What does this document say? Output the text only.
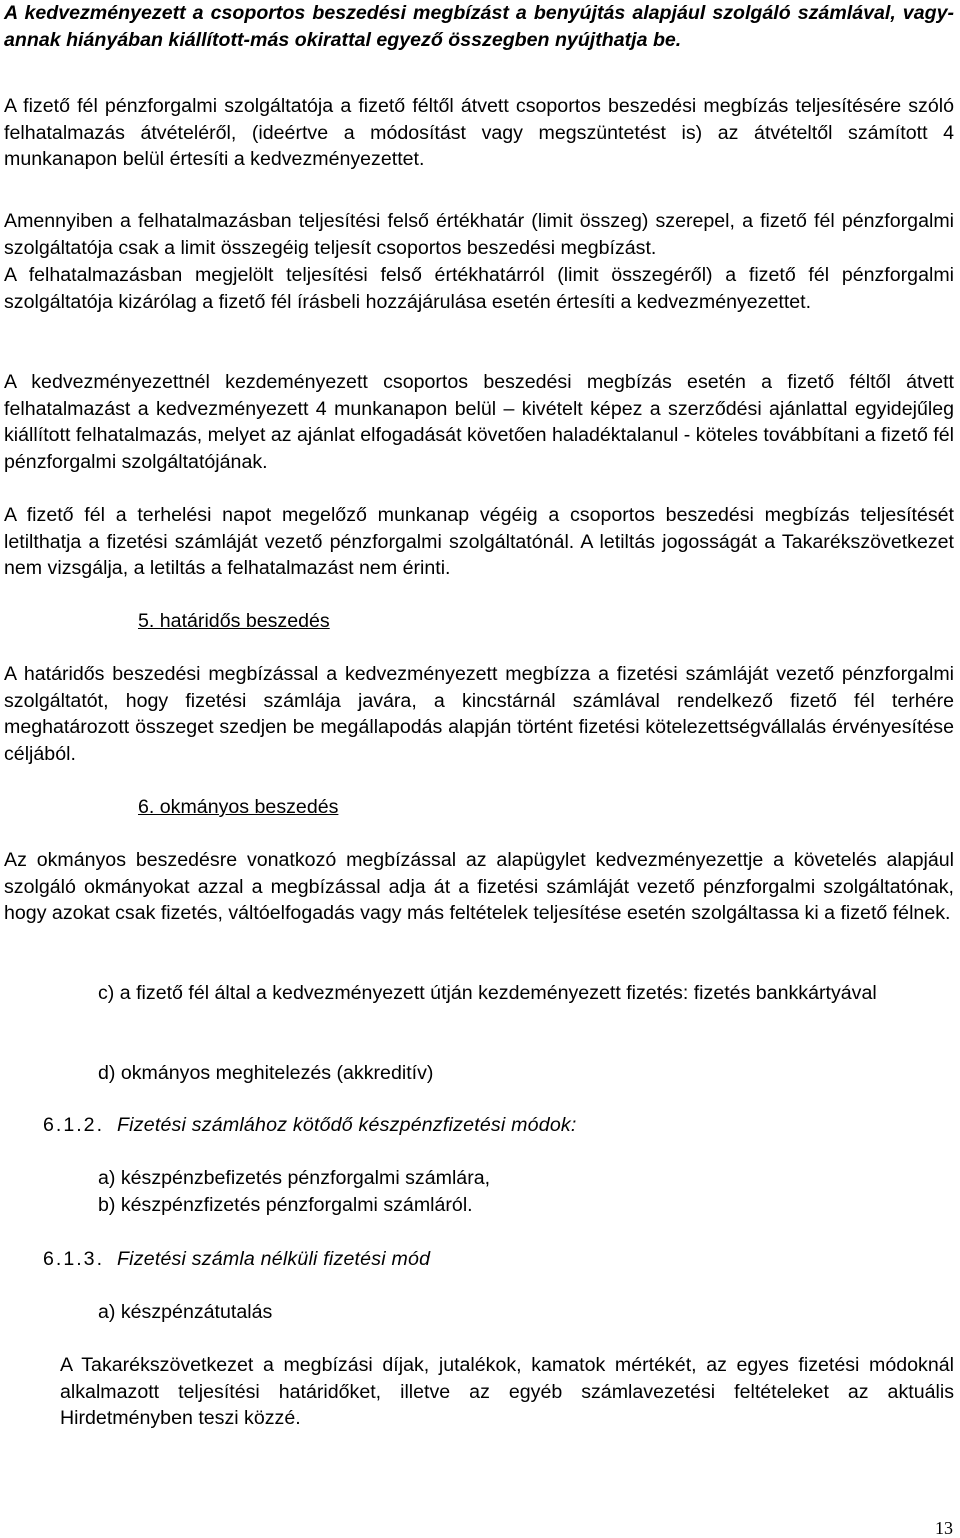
A kedvezményezett a csoportos beszedési megbízást a benyújtás alapjául szolgáló számlával, vagy-annak hiányában kiállított-más okirattal egyező összegben nyújthatja be.

A fizető fél pénzforgalmi szolgáltatója a fizető féltől átvett csoportos beszedési megbízás teljesítésére szóló felhatalmazás átvételéről, (ideértve a módosítást vagy megszüntetést is) az átvételtől számított 4 munkanapon belül értesíti a kedvezményezettet.

Amennyiben a felhatalmazásban teljesítési felső értékhatár (limit összeg) szerepel, a fizető fél pénzforgalmi szolgáltatója csak a limit összegéig teljesít csoportos beszedési megbízást.

A felhatalmazásban megjelölt teljesítési felső értékhatárról (limit összegéről) a fizető fél pénzforgalmi szolgáltatója kizárólag a fizető fél írásbeli hozzájárulása esetén értesíti a kedvezményezettet.

A kedvezményezettnél kezdeményezett csoportos beszedési megbízás esetén a fizető féltől átvett felhatalmazást a kedvezményezett 4 munkanapon belül – kivételt képez a szerződési ajánlattal egyidejűleg kiállított felhatalmazás, melyet az ajánlat elfogadását követően haladéktalanul - köteles továbbítani a fizető fél pénzforgalmi szolgáltatójának.

A fizető fél a terhelési napot megelőző munkanap végéig a csoportos beszedési megbízás teljesítését letilthatja a fizetési számláját vezető pénzforgalmi szolgáltatónál. A letiltás jogosságát a Takarékszövetkezet nem vizsgálja, a letiltás a felhatalmazást nem érinti.

5. határidős beszedés

A határidős beszedési megbízással a kedvezményezett megbízza a fizetési számláját vezető pénzforgalmi szolgáltatót, hogy fizetési számlája javára, a kincstárnál számlával rendelkező fizető fél terhére meghatározott összeget szedjen be megállapodás alapján történt fizetési kötelezettségvállalás érvényesítése céljából.

6. okmányos beszedés

Az okmányos beszedésre vonatkozó megbízással az alapügylet kedvezményezettje a követelés alapjául szolgáló okmányokat azzal a megbízással adja át a fizetési számláját vezető pénzforgalmi szolgáltatónak, hogy azokat csak fizetés, váltóelfogadás vagy más feltételek teljesítése esetén szolgáltassa ki a fizető félnek.

c) a fizető fél által a kedvezményezett útján kezdeményezett fizetés: fizetés bankkártyával

d) okmányos meghitelezés (akkreditív)

6.1.2. Fizetési számlához kötődő készpénzfizetési módok:

a) készpénzbefizetés pénzforgalmi számlára,

b) készpénzfizetés pénzforgalmi számláról.

6.1.3. Fizetési számla nélküli fizetési mód

a) készpénzátutalás

A Takarékszövetkezet a megbízási díjak, jutalékok, kamatok mértékét, az egyes fizetési módoknál alkalmazott teljesítési határidőket, illetve az egyéb számlavezetési feltételeket az aktuális Hirdetményben teszi közzé.

13
